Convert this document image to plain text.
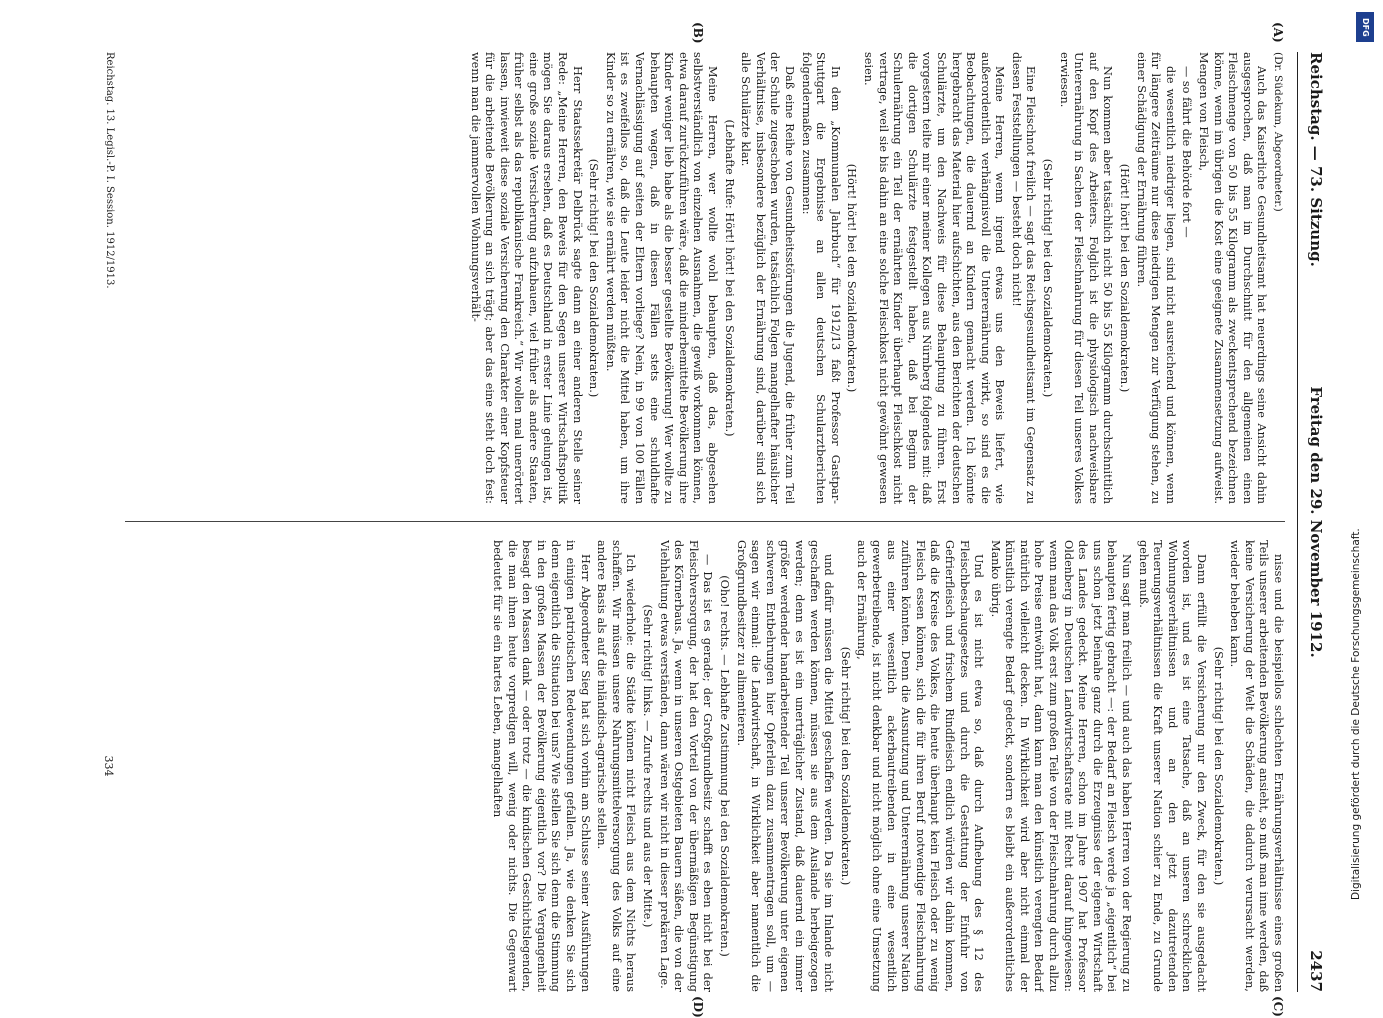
Reichstag. — 73. Sitzung.
Freitag den 29. November 1912.
2437

(Dr. Südekum, Abgeordneter.)

Auch das Kaiserliche Gesundheitsamt hat neuerdings seine Ansicht dahin ausgesprochen, daß man im Durchschnitt für den allgemeinen einen Fleischmenge von 50 bis 55 Kilogramm als zweckentsprechend bezeichnen könne, wenn im übrigen die Kost eine geeignete Zusammensetzung aufweist. Mengen von Fleisch,

— so fährt die Behörde fort —

die wesentlich niedriger liegen, sind nicht ausreichend und können, wenn für längere Zeiträume nur diese niedrigen Mengen zur Verfügung stehen, zu einer Schädigung der Ernährung führen.

(Hört! hört! bei den Sozialdemokraten.)

Nun kommen aber tatsächlich nicht 50 bis 55 Kilogramm durchschnittlich auf den Kopf des Arbeiters. Folglich ist die physiologisch nachweisbare Unterernährung in Sachen der Fleischnahrung für diesen Teil unseres Volkes erwiesen.

(Sehr richtig! bei den Sozialdemokraten.)

Eine Fleischnot freilich — sagt das Reichsgesundheitsamt im Gegensatz zu diesen Feststellungen — besteht doch nicht!

Meine Herren, wenn irgend etwas uns den Beweis liefert, wie außerordentlich verhängnisvoll die Unterernährung wirkt, so sind es die Beobachtungen, die dauernd an Kindern gemacht werden. Ich könnte hergebracht das Material hier aufschichten, aus den Berichten der deutschen Schulärzte, um den Nachweis für diese Behauptung zu führen. Erst vorgestern teilte mir einer meiner Kollegen aus Nürnberg folgendes mit: daß die dortigen Schulärzte festgestellt haben, daß bei Beginn der Schulernährung ein Teil der ernährten Kinder überhaupt Fleischkost nicht vertrage, weil sie bis dahin an eine solche Fleischkost nicht gewöhnt gewesen seien.

(Hört! hört! bei den Sozialdemokraten.)

In dem „Kommunalen Jahrbuch“ für 1912/13 faßt Professor Gastpar-Stuttgart die Ergebnisse an allen deutschen Schularztberichten folgendermaßen zusammen:

Daß eine Reihe von Gesundheitsstörungen die Jugend, die früher zum Teil der Schule zugeschoben wurden, tatsächlich Folgen mangelhafter häuslicher Verhältnisse, insbesondere bezüglich der Ernährung sind, darüber sind sich alle Schulärzte klar.

(Lebhafte Rufe: Hört! hört! bei den Sozialdemokraten.)

Meine Herren, wer wollte wohl behaupten, daß das, abgesehen selbstverständlich von einzelnen Ausnahmen, die gewiß vorkommen können, etwa darauf zurückzuführen wäre, daß die minderbemittelte Bevölkerung ihre Kinder weniger lieb habe als die besser gestellte Bevölkerung! Wer wollte zu behaupten wagen, daß in diesen Fällen stets eine schuldhafte Vernachlässigung auf seiten der Eltern vorliege? Nein, in 99 von 100 Fällen ist es zweifellos so, daß die Leute leider nicht die Mittel haben, um ihre Kinder so zu ernähren, wie sie ernährt werden müßten.

(Sehr richtig! bei den Sozialdemokraten.)

Herr Staatssekretär Delbrück sagte dann an einer anderen Stelle seiner Rede: „Meine Herren, den Beweis für den Segen unserer Wirtschaftspolitik mögen Sie daraus ersehen, daß es Deutschland in erster Linie gelungen ist, eine große soziale Versicherung aufzubauen, viel früher als andere Staaten, früher selbst als das republikanische Frankreich.“ Wir wollen mal unerörtert lassen, inwieweit diese soziale Versicherung den Charakter einer Kopfsteuer für die arbeitende Bevölkerung an sich trägt; aber das eine steht doch fest: wenn man die jammervollen Wohnungsverhält-

nisse und die beispiellos schlechten Ernährungsverhältnisse eines großen Teils unserer arbeitenden Bevölkerung ansieht, so muß man inne werden, daß keine Versicherung der Welt die Schäden, die dadurch verursacht werden, wieder beheben kann.

(Sehr richtig! bei den Sozialdemokraten.)

Dann erfüllt die Versicherung nur den Zweck, für den sie ausgedacht worden ist, und es ist eine Tatsache, daß an unseren schrecklichen Wohnungsverhältnissen und an den jetzt dazutretenden Teuerungsverhältnissen die Kraft unserer Nation schier zu Ende, zu Grunde gehen muß.

Nun sagt man freilich — und auch das haben Herren von der Regierung zu behaupten fertig gebracht —: der Bedarf an Fleisch werde ja „eigentlich“ bei uns schon jetzt beinahe ganz durch die Erzeugnisse der eigenen Wirtschaft des Landes gedeckt. Meine Herren, schon im Jahre 1907 hat Professor Oldenberg in Deutschen Landwirtschaftsrate mit Recht darauf hingewiesen: wenn man das Volk erst zum großen Teile von der Fleischnahrung durch allzu hohe Preise entwöhnt hat, dann kann man den künstlich verengten Bedarf natürlich vielleicht decken. In Wirklichkeit wird aber nicht einmal der künstlich verengte Bedarf gedeckt, sondern es bleibt ein außerordentliches Manko übrig.

Und es ist nicht etwa so, daß durch Aufhebung des § 12 des Fleischbeschaugesetzes und durch die Gestattung der Einfuhr von Gefrierfleisch und frischem Rindfleisch endlich würden wir dahin kommen, daß die Kreise des Volkes, die heute überhaupt kein Fleisch oder zu wenig Fleisch essen können, sich die für ihren Beruf notwendige Fleischnahrung zuführen könnten. Denn die Ausnutzung und Unterernährung unserer Nation aus einer wesentlich ackerbautreibenden in eine wesentlich gewerbetreibende, ist nicht denkbar und nicht möglich ohne eine Umsetzung auch der Ernährung,

(Sehr richtig! bei den Sozialdemokraten.)

und dafür müssen die Mittel geschaffen werden. Da sie im Inlande nicht geschaffen werden können, müssen sie aus dem Auslande herbeigezogen werden; denn es ist ein unerträglicher Zustand, daß dauernd ein immer größer werdender handarbeitender Teil unserer Bevölkerung unter eigenen schweren Entbehrungen hier Opferlein dazu zusammentragen soll, um — sagen wir einmal: die Landwirtschaft, in Wirklichkeit aber namentlich die Großgrundbesitzer zu alimentieren.

(Oho! rechts. — Lebhafte Zustimmung bei den Sozialdemokraten.)

— Das ist es gerade; der Großgrundbesitz schafft es eben nicht bei der Fleischversorgung, der hat den Vorteil von der übermäßigen Begünstigung des Körnerbaus. Ja, wenn in unseren Ostgebieten Bauern säßen, die von der Viehhaltung etwas verständen, dann wären wir nicht in dieser prekären Lage.

(Sehr richtig! links. — Zurufe rechts und aus der Mitte.)

Ich wiederhole: die Städte können nicht Fleisch aus dem Nichts heraus schaffen. Wir müssen unsere Nahrungsmittelversorgung des Volks auf eine andere Basis als auf die inländisch-agrarische stellen.

Herr Abgeordneter Sieg hat sich vorhin am Schlusse seiner Ausführungen in einigen patriotischen Redewendungen gefallen. Ja, wie denken Sie sich denn eigentlich die Situation bei uns? Wie stellen Sie sich denn die Stimmung in den großen Massen der Bevölkerung eigentlich vor? Die Vergangenheit besagt den Massen dank — oder trotz — die kindischen Geschichtslegenden, die man ihnen heute vorpredigen will, wenig oder nichts. Die Gegenwart bedeutet für sie ein hartes Leben, mangelhaften

(A)
(B)
(C)
(D)
Reichstag. 13. Legisl.-P. I. Session. 1912/1913.
334
DFG
Digitalisierung gefördert durch die Deutsche Forschungsgemeinschaft.
